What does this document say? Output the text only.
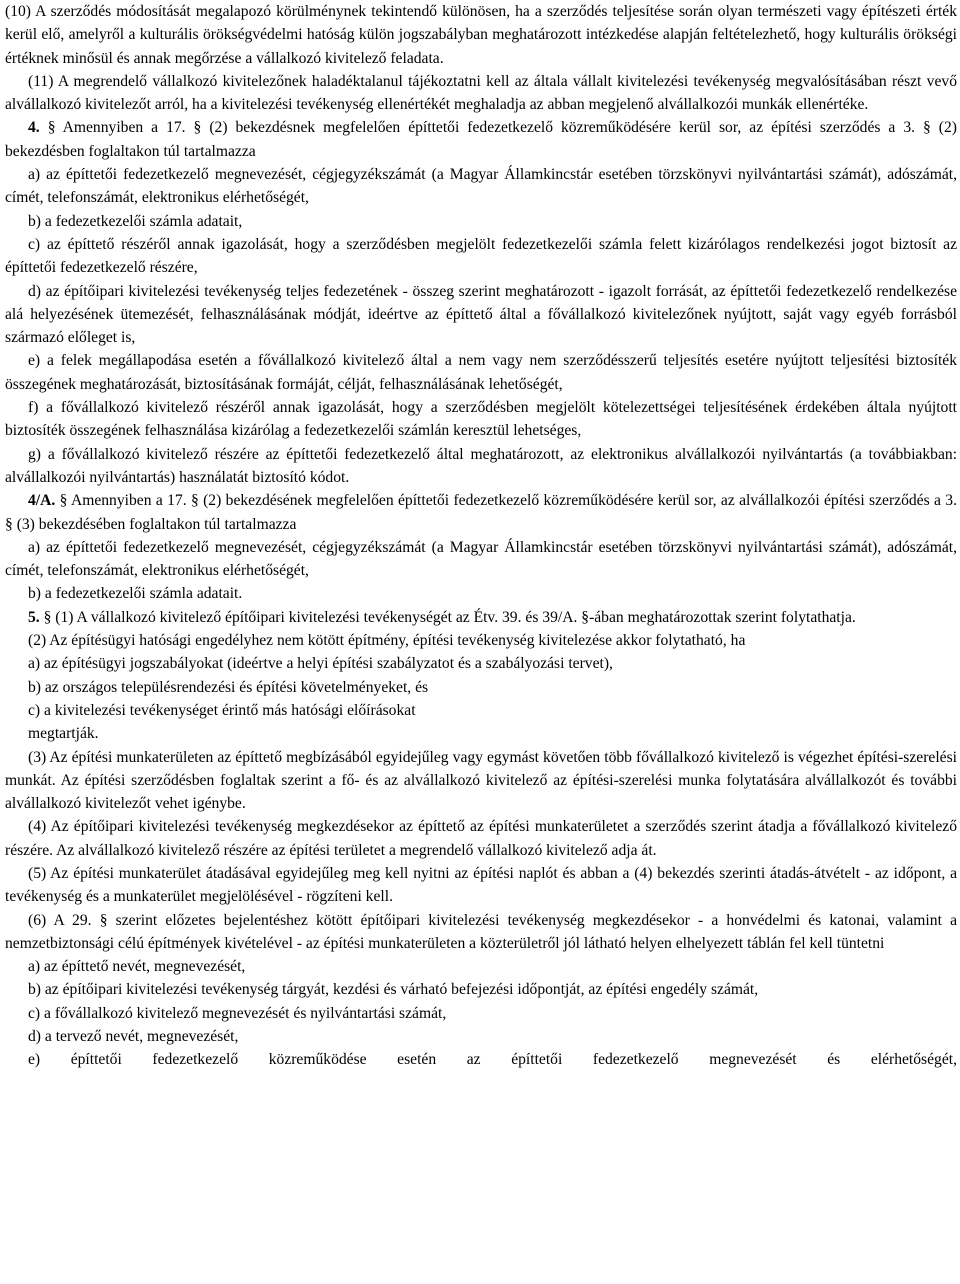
(10) A szerződés módosítását megalapozó körülménynek tekintendő különösen, ha a szerződés teljesítése során olyan természeti vagy építészeti érték kerül elő, amelyről a kulturális örökségvédelmi hatóság külön jogszabályban meghatározott intézkedése alapján feltételezhető, hogy kulturális örökségi értéknek minősül és annak megőrzése a vállalkozó kivitelező feladata.

(11) A megrendelő vállalkozó kivitelezőnek haladéktalanul tájékoztatni kell az általa vállalt kivitelezési tevékenység megvalósításában részt vevő alvállalkozó kivitelezőt arról, ha a kivitelezési tevékenység ellenértékét meghaladja az abban megjelenő alvállalkozói munkák ellenértéke.

4. § Amennyiben a 17. § (2) bekezdésnek megfelelően építtetői fedezetkezelő közreműködésére kerül sor, az építési szerződés a 3. § (2) bekezdésben foglaltakon túl tartalmazza

a) az építtetői fedezetkezelő megnevezését, cégjegyzékszámát (a Magyar Államkincstár esetében törzskönyvi nyilvántartási számát), adószámát, címét, telefonszámát, elektronikus elérhetőségét,

b) a fedezetkezelői számla adatait,

c) az építtető részéről annak igazolását, hogy a szerződésben megjelölt fedezetkezelői számla felett kizárólagos rendelkezési jogot biztosít az építtetői fedezetkezelő részére,

d) az építőipari kivitelezési tevékenység teljes fedezetének - összeg szerint meghatározott - igazolt forrását, az építtetői fedezetkezelő rendelkezése alá helyezésének ütemezését, felhasználásának módját, ideértve az építtető által a fővállalkozó kivitelezőnek nyújtott, saját vagy egyéb forrásból származó előleget is,

e) a felek megállapodása esetén a fővállalkozó kivitelező által a nem vagy nem szerződésszerű teljesítés esetére nyújtott teljesítési biztosíték összegének meghatározását, biztosításának formáját, célját, felhasználásának lehetőségét,

f) a fővállalkozó kivitelező részéről annak igazolását, hogy a szerződésben megjelölt kötelezettségei teljesítésének érdekében általa nyújtott biztosíték összegének felhasználása kizárólag a fedezetkezelői számlán keresztül lehetséges,

g) a fővállalkozó kivitelező részére az építtetői fedezetkezelő által meghatározott, az elektronikus alvállalkozói nyilvántartás (a továbbiakban: alvállalkozói nyilvántartás) használatát biztosító kódot.

4/A. § Amennyiben a 17. § (2) bekezdésének megfelelően építtetői fedezetkezelő közreműködésére kerül sor, az alvállalkozói építési szerződés a 3. § (3) bekezdésében foglaltakon túl tartalmazza

a) az építtetői fedezetkezelő megnevezését, cégjegyzékszámát (a Magyar Államkincstár esetében törzskönyvi nyilvántartási számát), adószámát, címét, telefonszámát, elektronikus elérhetőségét,

b) a fedezetkezelői számla adatait.

5. § (1) A vállalkozó kivitelező építőipari kivitelezési tevékenységét az Étv. 39. és 39/A. §-ában meghatározottak szerint folytathatja.

(2) Az építésügyi hatósági engedélyhez nem kötött építmény, építési tevékenység kivitelezése akkor folytatható, ha

a) az építésügyi jogszabályokat (ideértve a helyi építési szabályzatot és a szabályozási tervet),

b) az országos településrendezési és építési követelményeket, és

c) a kivitelezési tevékenységet érintő más hatósági előírásokat

megtartják.

(3) Az építési munkaterületen az építtető megbízásából egyidejűleg vagy egymást követően több fővállalkozó kivitelező is végezhet építési-szerelési munkát. Az építési szerződésben foglaltak szerint a fő- és az alvállalkozó kivitelező az építési-szerelési munka folytatására alvállalkozót és további alvállalkozó kivitelezőt vehet igénybe.

(4) Az építőipari kivitelezési tevékenység megkezdésekor az építtető az építési munkaterületet a szerződés szerint átadja a fővállalkozó kivitelező részére. Az alvállalkozó kivitelező részére az építési területet a megrendelő vállalkozó kivitelező adja át.

(5) Az építési munkaterület átadásával egyidejűleg meg kell nyitni az építési naplót és abban a (4) bekezdés szerinti átadás-átvételt - az időpont, a tevékenység és a munkaterület megjelölésével - rögzíteni kell.

(6) A 29. § szerint előzetes bejelentéshez kötött építőipari kivitelezési tevékenység megkezdésekor - a honvédelmi és katonai, valamint a nemzetbiztonsági célú építmények kivételével - az építési munkaterületen a közterületről jól látható helyen elhelyezett táblán fel kell tüntetni

a) az építtető nevét, megnevezését,

b) az építőipari kivitelezési tevékenység tárgyát, kezdési és várható befejezési időpontját, az építési engedély számát,

c) a fővállalkozó kivitelező megnevezését és nyilvántartási számát,

d) a tervező nevét, megnevezését,

e) építtetői fedezetkezelő közreműködése esetén az építtetői fedezetkezelő megnevezését és elérhetőségét,
